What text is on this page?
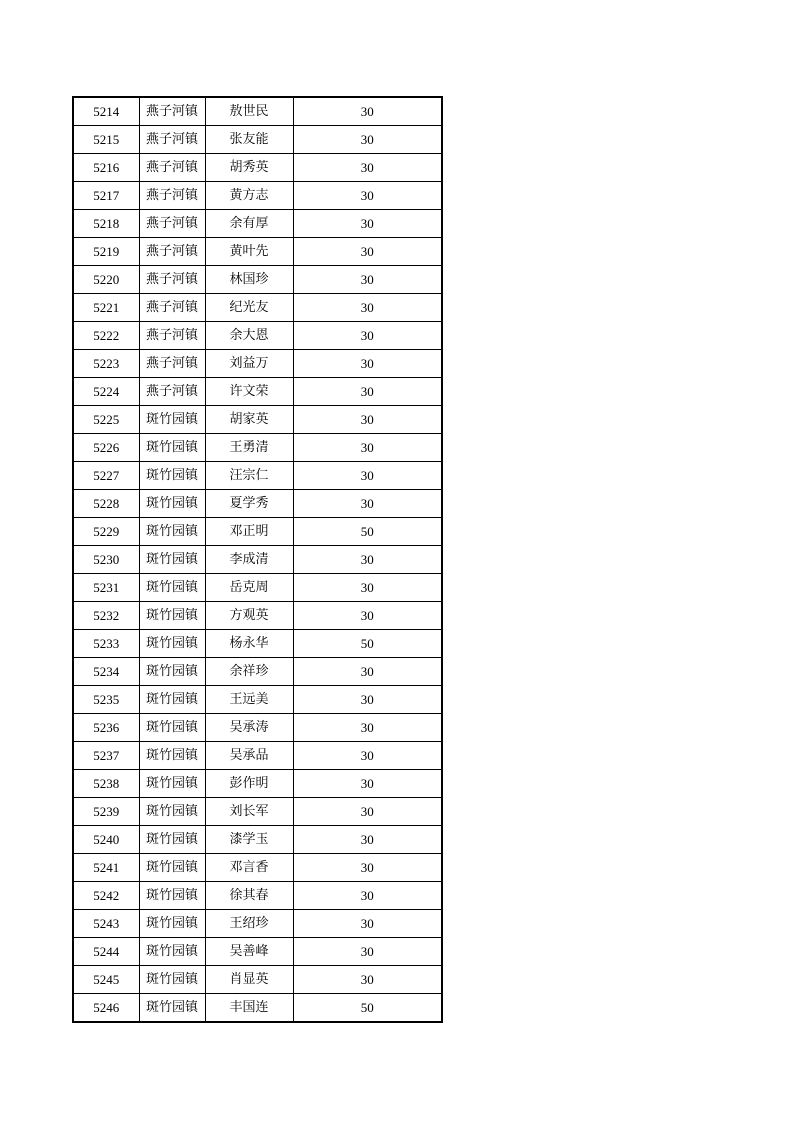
5214	燕子河镇	敖世民	30
5215	燕子河镇	张友能	30
5216	燕子河镇	胡秀英	30
5217	燕子河镇	黄方志	30
5218	燕子河镇	余有厚	30
5219	燕子河镇	黄叶先	30
5220	燕子河镇	林国珍	30
5221	燕子河镇	纪光友	30
5222	燕子河镇	余大恩	30
5223	燕子河镇	刘益万	30
5224	燕子河镇	许文荣	30
5225	斑竹园镇	胡家英	30
5226	斑竹园镇	王勇清	30
5227	斑竹园镇	汪宗仁	30
5228	斑竹园镇	夏学秀	30
5229	斑竹园镇	邓正明	50
5230	斑竹园镇	李成清	30
5231	斑竹园镇	岳克周	30
5232	斑竹园镇	方观英	30
5233	斑竹园镇	杨永华	50
5234	斑竹园镇	余祥珍	30
5235	斑竹园镇	王远美	30
5236	斑竹园镇	吴承涛	30
5237	斑竹园镇	吴承品	30
5238	斑竹园镇	彭作明	30
5239	斑竹园镇	刘长军	30
5240	斑竹园镇	漆学玉	30
5241	斑竹园镇	邓言香	30
5242	斑竹园镇	徐其春	30
5243	斑竹园镇	王绍珍	30
5244	斑竹园镇	吴善峰	30
5245	斑竹园镇	肖显英	30
5246	斑竹园镇	丰国连	50
